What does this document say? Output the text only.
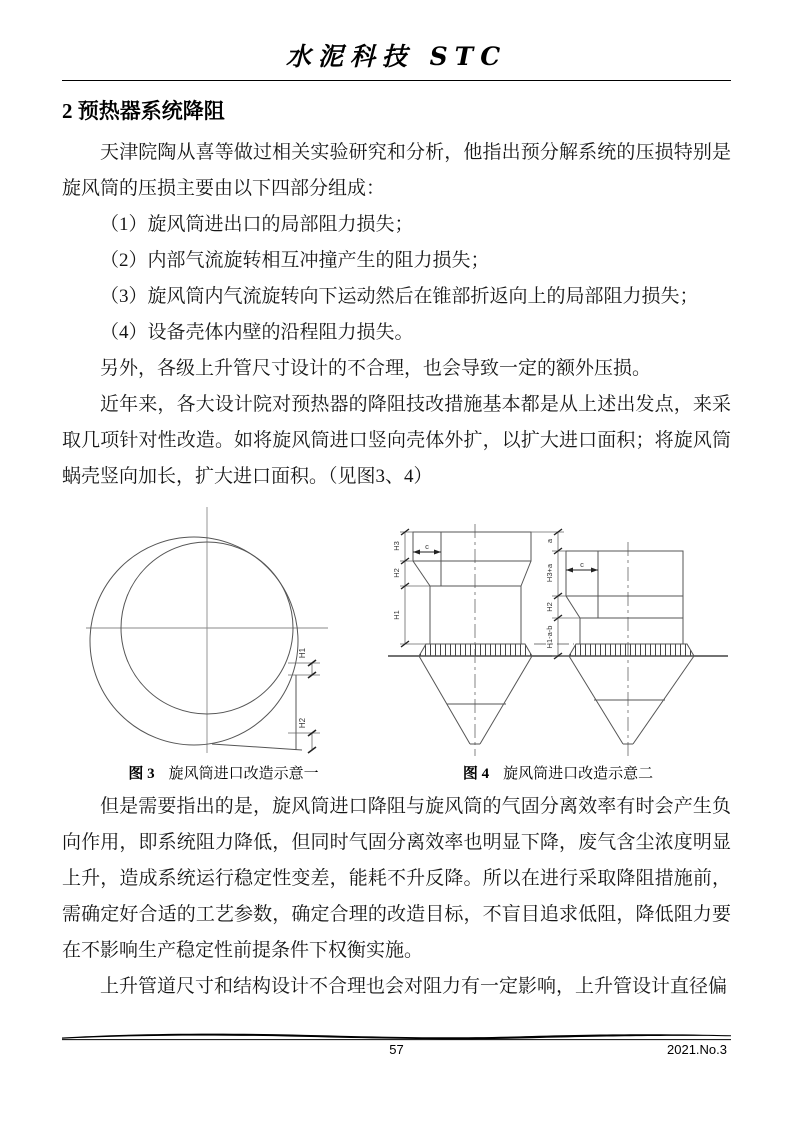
水泥科技 STC
2 预热器系统降阻

天津院陶从喜等做过相关实验研究和分析，他指出预分解系统的压损特别是旋风筒的压损主要由以下四部分组成：

（1）旋风筒进出口的局部阻力损失；

（2）内部气流旋转相互冲撞产生的阻力损失；

（3）旋风筒内气流旋转向下运动然后在锥部折返向上的局部阻力损失；

（4）设备壳体内壁的沿程阻力损失。

另外，各级上升管尺寸设计的不合理，也会导致一定的额外压损。

近年来，各大设计院对预热器的降阻技改措施基本都是从上述出发点，来采取几项针对性改造。如将旋风筒进口竖向壳体外扩，以扩大进口面积；将旋风筒蜗壳竖向加长，扩大进口面积。（见图3、4）

H1
H2
H3
H2
H1
c
a
H3+a
H2
H1-a-b
c
图 3 旋风筒进口改造示意一	图 4 旋风筒进口改造示意二

但是需要指出的是，旋风筒进口降阻与旋风筒的气固分离效率有时会产生负向作用，即系统阻力降低，但同时气固分离效率也明显下降，废气含尘浓度明显上升，造成系统运行稳定性变差，能耗不升反降。所以在进行采取降阻措施前，需确定好合适的工艺参数，确定合理的改造目标，不盲目追求低阻，降低阻力要在不影响生产稳定性前提条件下权衡实施。

上升管道尺寸和结构设计不合理也会对阻力有一定影响，上升管设计直径偏

57	2021.No.3
